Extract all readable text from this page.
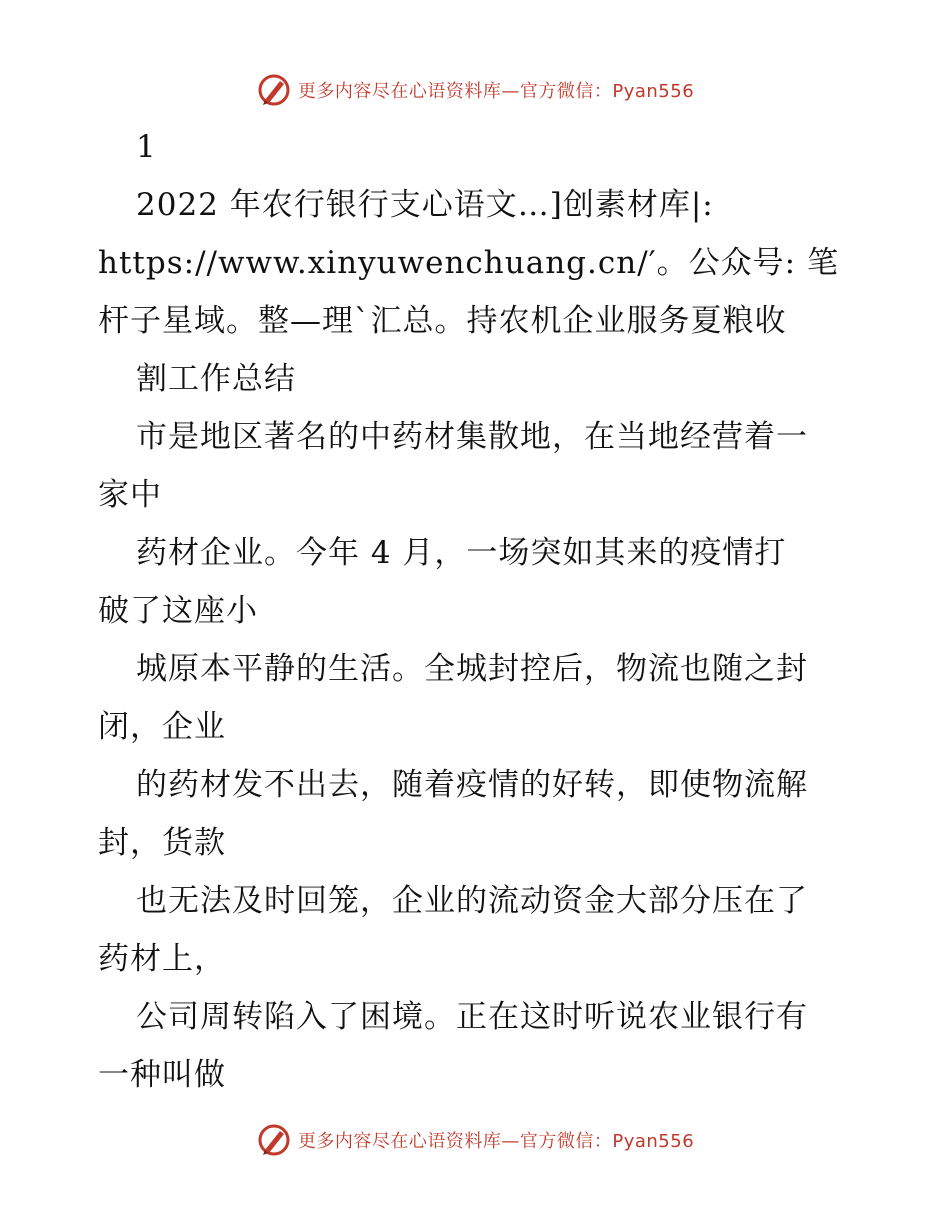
更多内容尽在心语资料库—官方微信：Pyan556
1
2022 年农行银行支心语文…]创素材库|:
https://www.xinyuwenchuang.cn/′。公众号: 笔
杆子星域。整—理`汇总。持农机企业服务夏粮收
割工作总结
市是地区著名的中药材集散地，在当地经营着一
家中
药材企业。今年 4 月，一场突如其来的疫情打
破了这座小
城原本平静的生活。全城封控后，物流也随之封
闭，企业
的药材发不出去，随着疫情的好转，即使物流解
封，货款
也无法及时回笼，企业的流动资金大部分压在了
药材上，
公司周转陷入了困境。正在这时听说农业银行有
一种叫做
更多内容尽在心语资料库—官方微信：Pyan556
